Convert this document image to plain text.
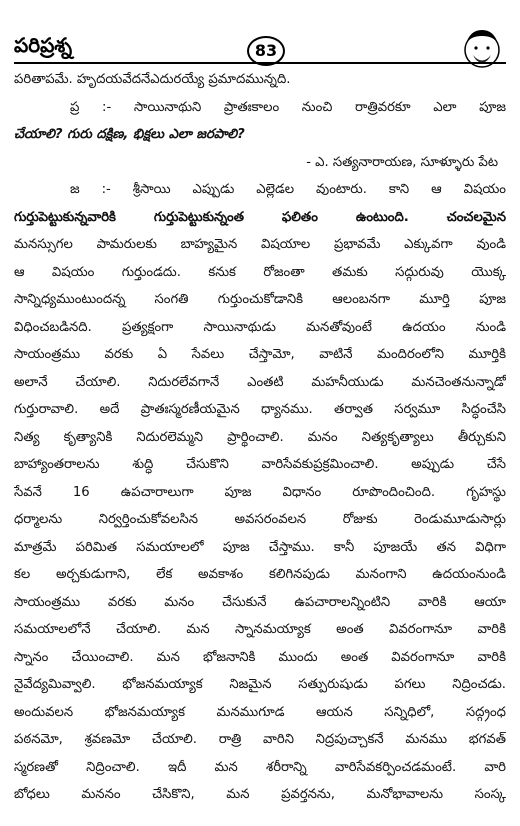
పరిప్రశ్న	83
పరితాపమే. హృదయవేదనేఎదురయ్యే ప్రమాదమున్నది.
ప్ర :- సాయినాథుని ప్రాతఃకాలం నుంచి రాత్రివరకూ ఎలా పూజ
చేయాలి? గురు దక్షిణ, భిక్షలు ఎలా జరపాలి?
- ఎ. సత్యనారాయణ, సూళ్ళూరు పేట
జ :- శ్రీసాయి ఎప్పుడు ఎల్లెడల వుంటారు. కాని ఆ విషయం
గుర్తుపెట్టుకున్నవారికి గుర్తుపెట్టుకున్నంత ఫలితం ఉంటుంది. చంచలమైన
మనస్సుగల పామరులకు బాహ్యమైన విషయాల ప్రభావమే ఎక్కువగా వుండి
ఆ విషయం గుర్తుండదు. కనుక రోజంతా తమకు సద్గురువు యొక్క
సాన్నిధ్యముంటుందన్న సంగతి గుర్తుంచుకోడానికి ఆలంబనగా మూర్తి పూజ
విధించబడినది. ప్రత్యక్షంగా సాయినాథుడు మనతోవుంటే ఉదయం నుండి
సాయంత్రము వరకు ఏ సేవలు చేస్తామో, వాటినే మందిరంలోని మూర్తికి
అలానే చేయాలి. నిదురలేవగానే ఎంతటి మహనీయుడు మనచెంతనున్నాడో
గుర్తురావాలి. అదే ప్రాతఃస్మరణీయమైన ధ్యానము. తర్వాత సర్వమూ సిద్ధంచేసి
నిత్య కృత్యానికి నిదురలెమ్మని ప్రార్థించాలి. మనం నిత్యకృత్యాలు తీర్చుకుని
బాహ్యాంతరాలను శుద్ధి చేసుకొని వారిసేవకుప్రక్రమించాలి. అప్పుడు చేసే
సేవనే 16 ఉపచారాలుగా పూజ విధానం రూపొందించింది. గృహస్థు
ధర్మాలను నిర్వర్తించుకోవలసిన అవసరంవలన రోజుకు రెండుమూడుసార్లు
మాత్రమే పరిమిత సమయాలలో పూజ చేస్తాము. కానీ పూజయే తన విధిగా
కల అర్చకుడుగాని, లేక అవకాశం కలిగినపుడు మనంగాని ఉదయంనుండి
సాయంత్రము వరకు మనం చేసుకునే ఉపచారాలన్నింటిని వారికి ఆయా
సమయాలలోనే చేయాలి. మన స్నానమయ్యాక అంత వివరంగానూ వారికి
స్నానం చేయించాలి. మన భోజనానికి ముందు అంత వివరంగానూ వారికి
నైవేద్యమివ్వాలి. భోజనమయ్యాక నిజమైన సత్పురుషుడు పగలు నిద్రించడు.
అందువలన భోజనమయ్యాక మనముగూడ ఆయన సన్నిధిలో, సద్గ్రంధ
పఠనమో, శ్రవణమో చేయాలి. రాత్రి వారిని నిద్రపుచ్చాకనే మనము భగవత్
స్మరణతో నిద్రించాలి. ఇదీ మన శరీరాన్ని వారిసేవకర్పించడమంటే. వారి
బోధలు మననం చేసికొని, మన ప్రవర్తనను, మనోభావాలను సంస్క
